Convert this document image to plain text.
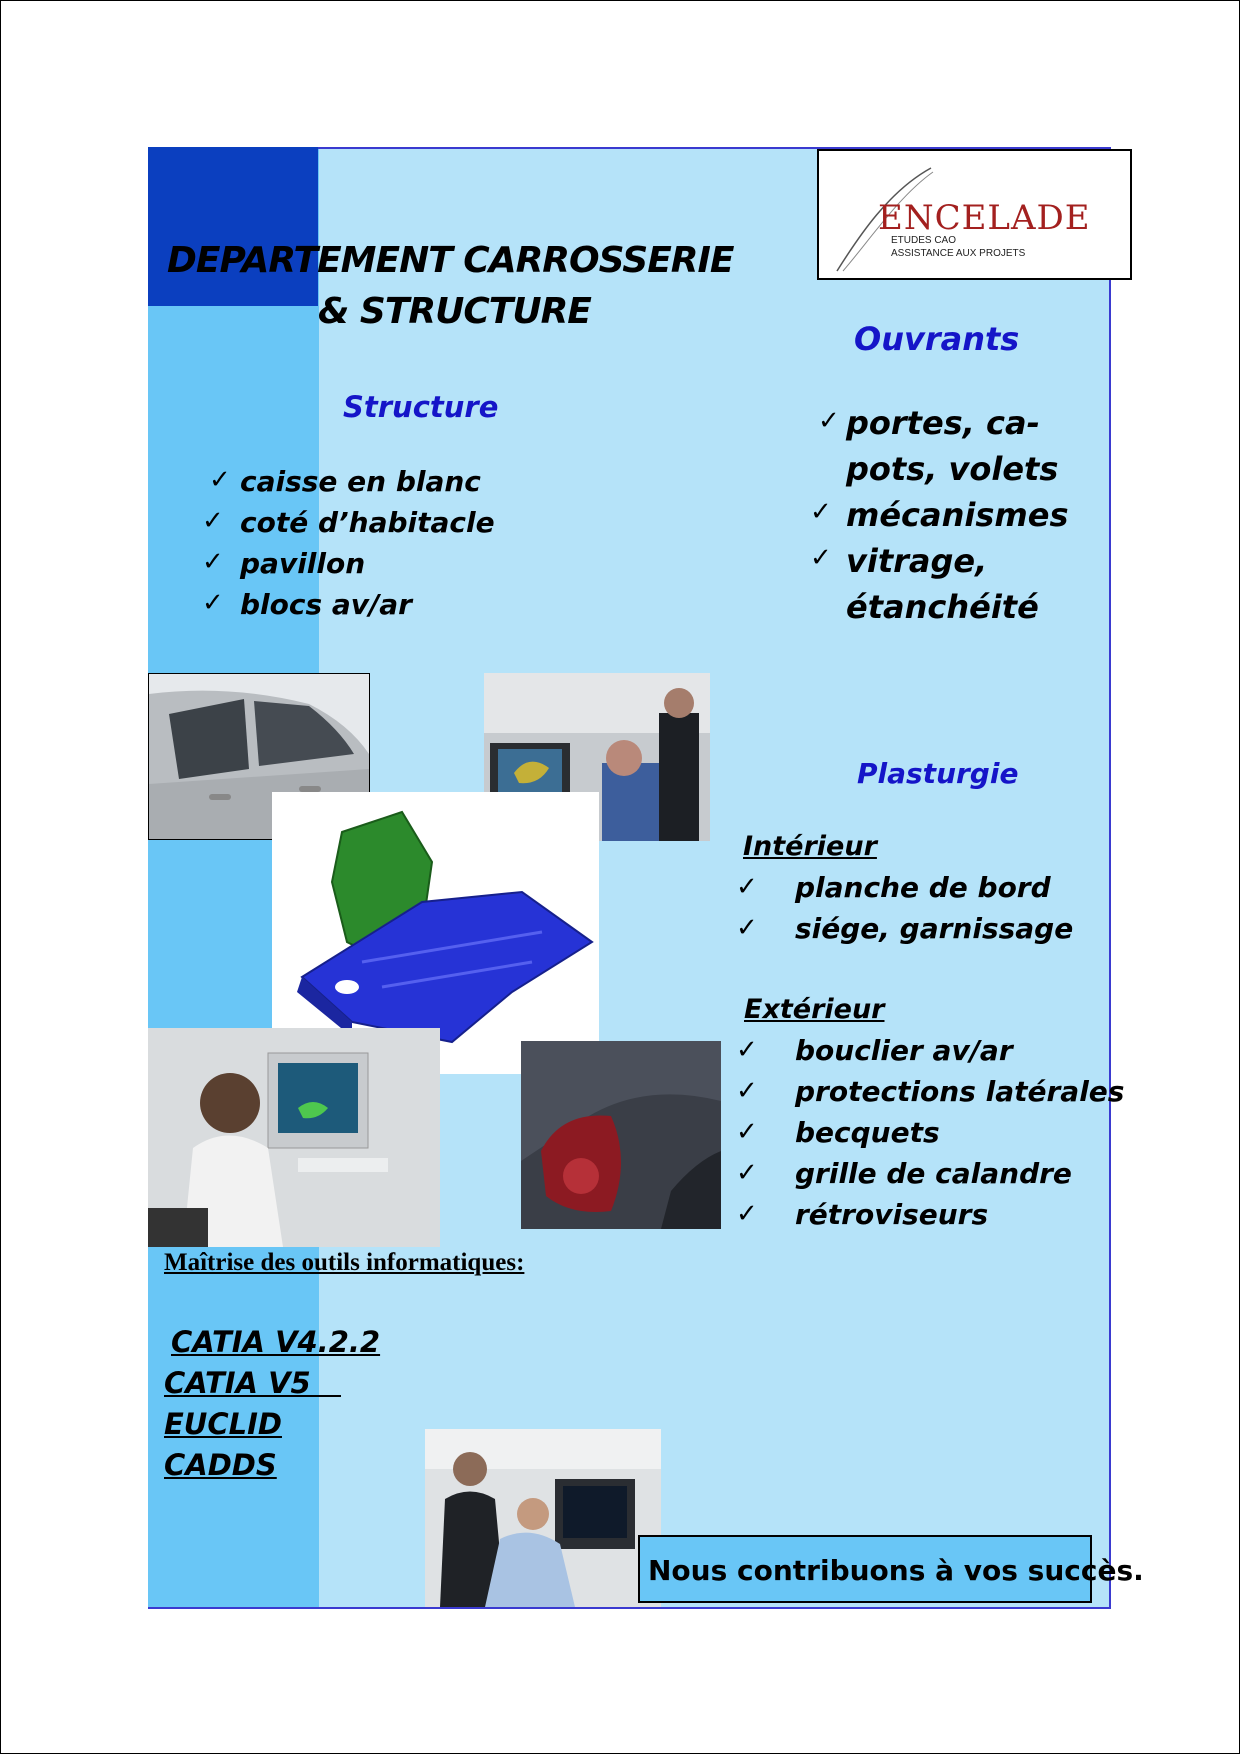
ENCELADE
ETUDES CAO
ASSISTANCE AUX PROJETS
DEPARTEMENT CARROSSERIE
& STRUCTURE
Structure
✓ caisse en blanc
✓ coté d’habitacle
✓ pavillon
✓ blocs av/ar
Ouvrants
✓ portes, ca-
pots, volets
✓ mécanismes
✓ vitrage,
étanchéité
Plasturgie
Intérieur
✓ planche de bord
✓ siége, garnissage
Extérieur
✓ bouclier av/ar
✓ protections latérales
✓ becquets
✓ grille de calandre
✓ rétroviseurs
Maîtrise des outils informatiques:
CATIA V4.2.2
CATIA V5
EUCLID
CADDS
Nous contribuons à vos succès.
